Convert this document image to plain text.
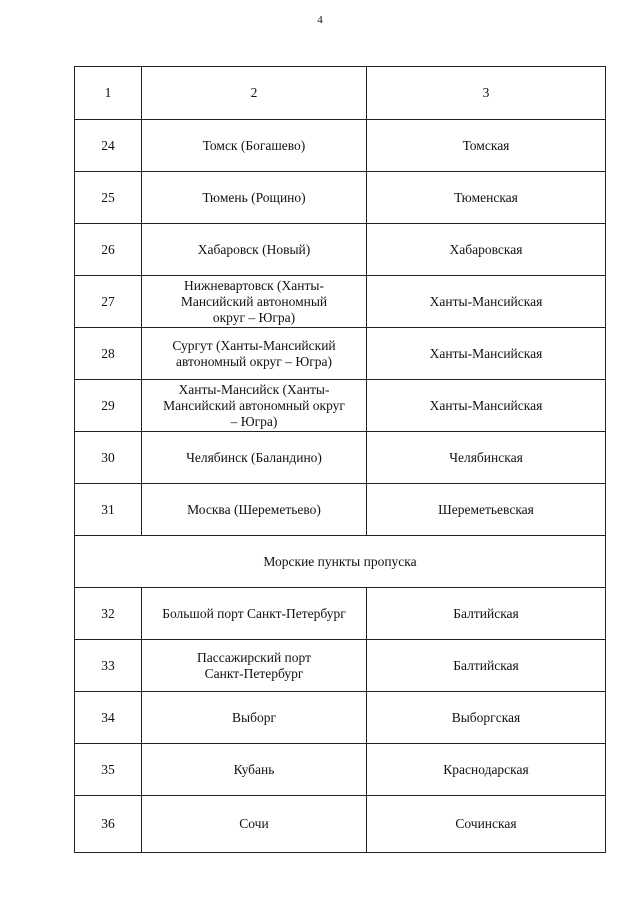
4
1	2	3
24	Томск (Богашево)	Томская
25	Тюмень (Рощино)	Тюменская
26	Хабаровск (Новый)	Хабаровская
27	Нижневартовск (Ханты-
Мансийский автономный
округ – Югра)	Ханты-Мансийская
28	Сургут (Ханты-Мансийский
автономный округ – Югра)	Ханты-Мансийская
29	Ханты-Мансийск (Ханты-
Мансийский автономный округ
– Югра)	Ханты-Мансийская
30	Челябинск (Баландино)	Челябинская
31	Москва (Шереметьево)	Шереметьевская
Морские пункты пропуска		
32	Большой порт Санкт-Петербург	Балтийская
33	Пассажирский порт
Санкт-Петербург	Балтийская
34	Выборг	Выборгская
35	Кубань	Краснодарская
36	Сочи	Сочинская
